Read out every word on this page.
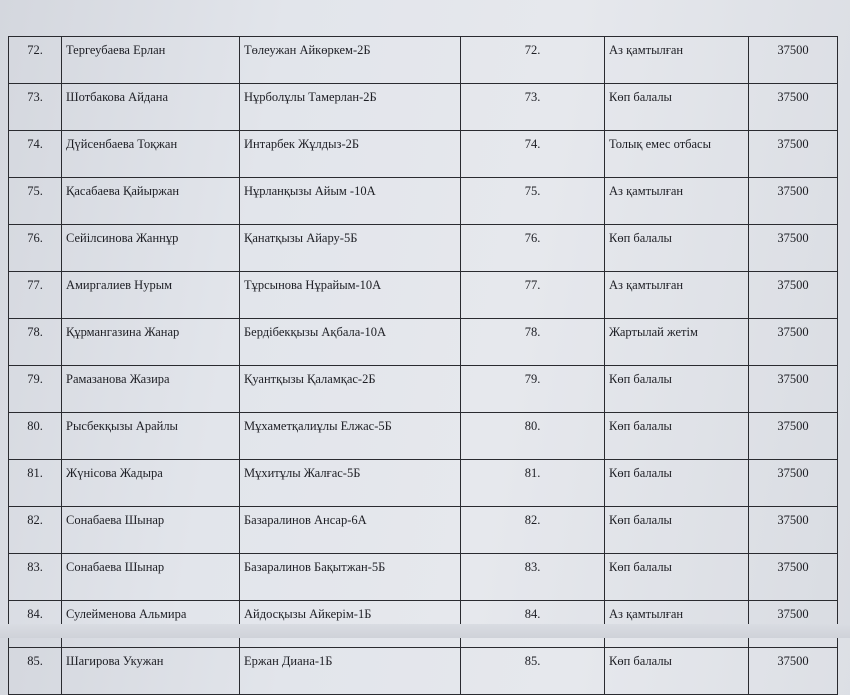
72.	Тергеубаева Ерлан	Төлеужан Айкөркем-2Б	72.	Аз қамтылған	37500
73.	Шотбакова Айдана	Нұрболұлы Тамерлан-2Б	73.	Көп балалы	37500
74.	Дүйсенбаева Тоқжан	Интарбек Жұлдыз-2Б	74.	Толық емес отбасы	37500
75.	Қасабаева Қайыржан	Нұрланқызы Айым -10А	75.	Аз қамтылған	37500
76.	Сейілсинова Жаннұр	Қанатқызы Айару-5Б	76.	Көп балалы	37500
77.	Амиргалиев Нурым	Тұрсынова Нұрайым-10А	77.	Аз қамтылған	37500
78.	Құрмангазина Жанар	Бердібекқызы Ақбала-10А	78.	Жартылай жетім	37500
79.	Рамазанова Жазира	Қуантқызы Қаламқас-2Б	79.	Көп балалы	37500
80.	Рысбекқызы Арайлы	Мұхаметқалиұлы Елжас-5Б	80.	Көп балалы	37500
81.	Жүнісова Жадыра	Мұхитұлы Жалғас-5Б	81.	Көп балалы	37500
82.	Сонабаева Шынар	Базаралинов Ансар-6А	82.	Көп балалы	37500
83.	Сонабаева Шынар	Базаралинов Бақытжан-5Б	83.	Көп балалы	37500
84.	Сулейменова Альмира	Айдосқызы Айкерім-1Б	84.	Аз қамтылған	37500
85.	Шагирова Укужан	Ержан Диана-1Б	85.	Көп балалы	37500
